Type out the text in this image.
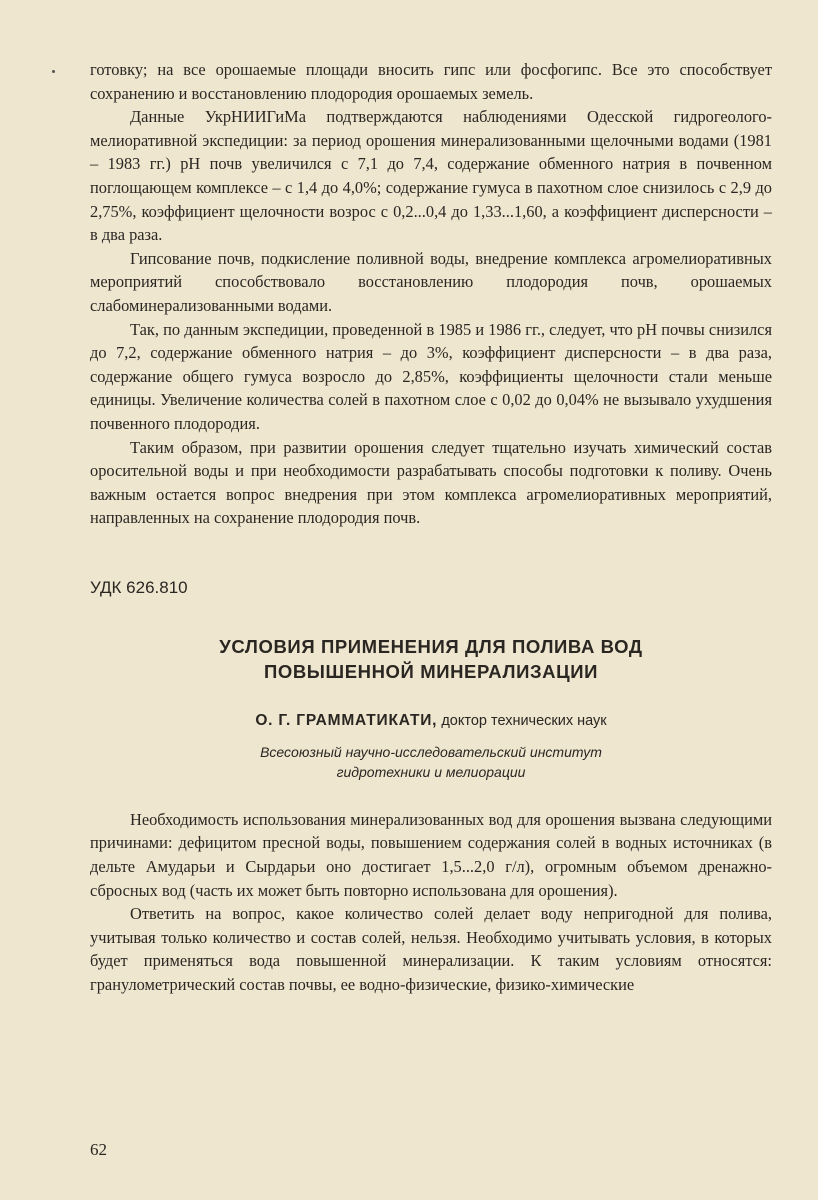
готовку; на все орошаемые площади вносить гипс или фосфогипс. Все это способствует сохранению и восстановлению плодородия орошаемых земель.

Данные УкрНИИГиМа подтверждаются наблюдениями Одесской гидрогеолого-мелиоративной экспедиции: за период орошения минерализованными щелочными водами (1981 – 1983 гг.) pH почв увеличился с 7,1 до 7,4, содержание обменного натрия в почвенном поглощающем комплексе – с 1,4 до 4,0%; содержание гумуса в пахотном слое снизилось с 2,9 до 2,75%, коэффициент щелочности возрос с 0,2...0,4 до 1,33...1,60, а коэффициент дисперсности – в два раза.

Гипсование почв, подкисление поливной воды, внедрение комплекса агромелиоративных мероприятий способствовало восстановлению плодородия почв, орошаемых слабоминерализованными водами.

Так, по данным экспедиции, проведенной в 1985 и 1986 гг., следует, что pH почвы снизился до 7,2, содержание обменного натрия – до 3%, коэффициент дисперсности – в два раза, содержание общего гумуса возросло до 2,85%, коэффициенты щелочности стали меньше единицы. Увеличение количества солей в пахотном слое с 0,02 до 0,04% не вызывало ухудшения почвенного плодородия.

Таким образом, при развитии орошения следует тщательно изучать химический состав оросительной воды и при необходимости разрабатывать способы подготовки к поливу. Очень важным остается вопрос внедрения при этом комплекса агромелиоративных мероприятий, направленных на сохранение плодородия почв.

УДК 626.810
УСЛОВИЯ ПРИМЕНЕНИЯ ДЛЯ ПОЛИВА ВОД
ПОВЫШЕННОЙ МИНЕРАЛИЗАЦИИ
О. Г. ГРАММАТИКАТИ, доктор технических наук
Всесоюзный научно-исследовательский институт
гидротехники и мелиорации

Необходимость использования минерализованных вод для орошения вызвана следующими причинами: дефицитом пресной воды, повышением содержания солей в водных источниках (в дельте Амударьи и Сырдарьи оно достигает 1,5...2,0 г/л), огромным объемом дренажно-сбросных вод (часть их может быть повторно использована для орошения).

Ответить на вопрос, какое количество солей делает воду непригодной для полива, учитывая только количество и состав солей, нельзя. Необходимо учитывать условия, в которых будет применяться вода повышенной минерализации. К таким условиям относятся: гранулометрический состав почвы, ее водно-физические, физико-химические

62
